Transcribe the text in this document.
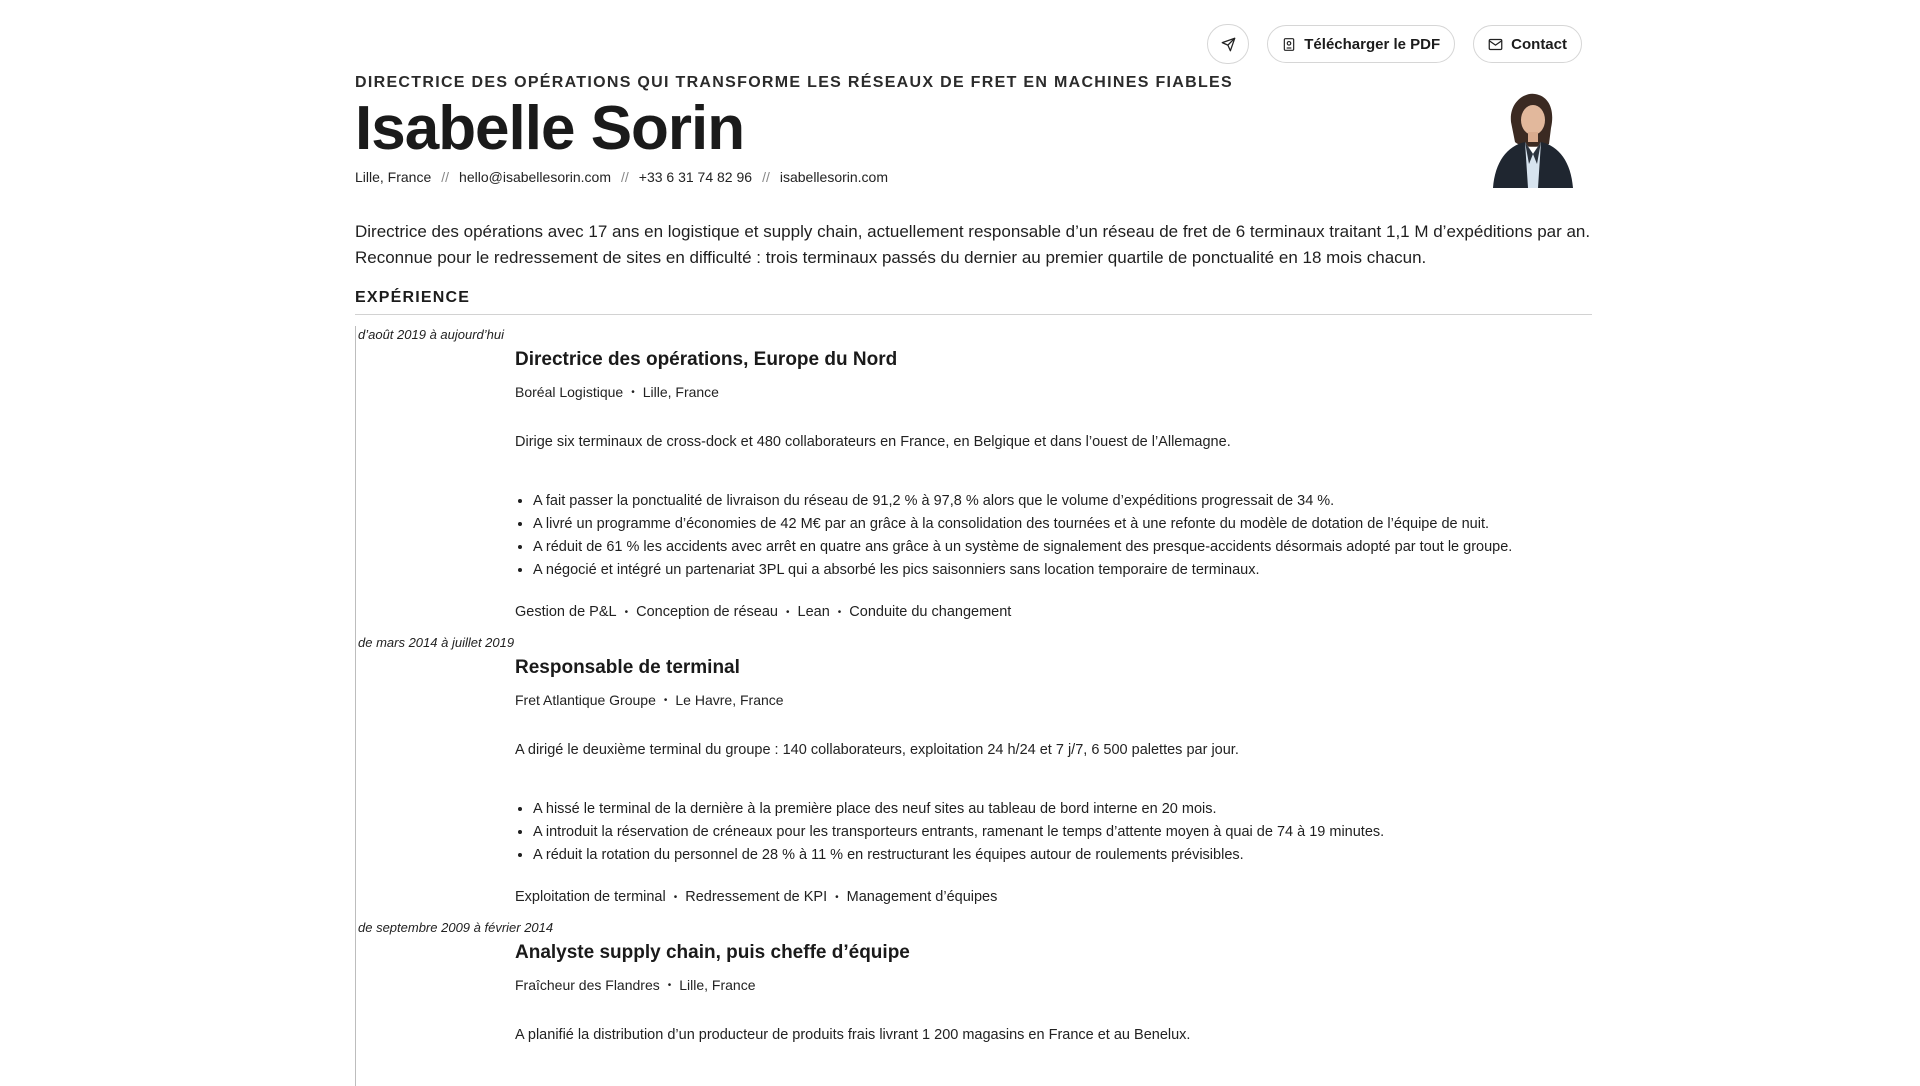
Télécharger le PDF	Contact

DIRECTRICE DES OPÉRATIONS QUI TRANSFORME LES RÉSEAUX DE FRET EN MACHINES FIABLES

Isabelle Sorin
Lille, France // hello@isabellesorin.com // +33 6 31 74 82 96 // isabellesorin.com

Directrice des opérations avec 17 ans en logistique et supply chain, actuellement responsable d’un réseau de fret de 6 terminaux traitant 1,1 M d’expéditions par an. Reconnue pour le redressement de sites en difficulté : trois terminaux passés du dernier au premier quartile de ponctualité en 18 mois chacun.

EXPÉRIENCE
d’août 2019 à aujourd’hui
Directrice des opérations, Europe du Nord
Boréal Logistique • Lille, France
Dirige six terminaux de cross-dock et 480 collaborateurs en France, en Belgique et dans l’ouest de l’Allemagne.
• A fait passer la ponctualité de livraison du réseau de 91,2 % à 97,8 % alors que le volume d’expéditions progressait de 34 %.
• A livré un programme d’économies de 42 M€ par an grâce à la consolidation des tournées et à une refonte du modèle de dotation de l’équipe de nuit.
• A réduit de 61 % les accidents avec arrêt en quatre ans grâce à un système de signalement des presque-accidents désormais adopté par tout le groupe.
• A négocié et intégré un partenariat 3PL qui a absorbé les pics saisonniers sans location temporaire de terminaux.
Gestion de P&L • Conception de réseau • Lean • Conduite du changement
de mars 2014 à juillet 2019
Responsable de terminal
Fret Atlantique Groupe • Le Havre, France
A dirigé le deuxième terminal du groupe : 140 collaborateurs, exploitation 24 h/24 et 7 j/7, 6 500 palettes par jour.
• A hissé le terminal de la dernière à la première place des neuf sites au tableau de bord interne en 20 mois.
• A introduit la réservation de créneaux pour les transporteurs entrants, ramenant le temps d’attente moyen à quai de 74 à 19 minutes.
• A réduit la rotation du personnel de 28 % à 11 % en restructurant les équipes autour de roulements prévisibles.
Exploitation de terminal • Redressement de KPI • Management d’équipes
de septembre 2009 à février 2014
Analyste supply chain, puis cheffe d’équipe
Fraîcheur des Flandres • Lille, France
A planifié la distribution d’un producteur de produits frais livrant 1 200 magasins en France et au Benelux.
